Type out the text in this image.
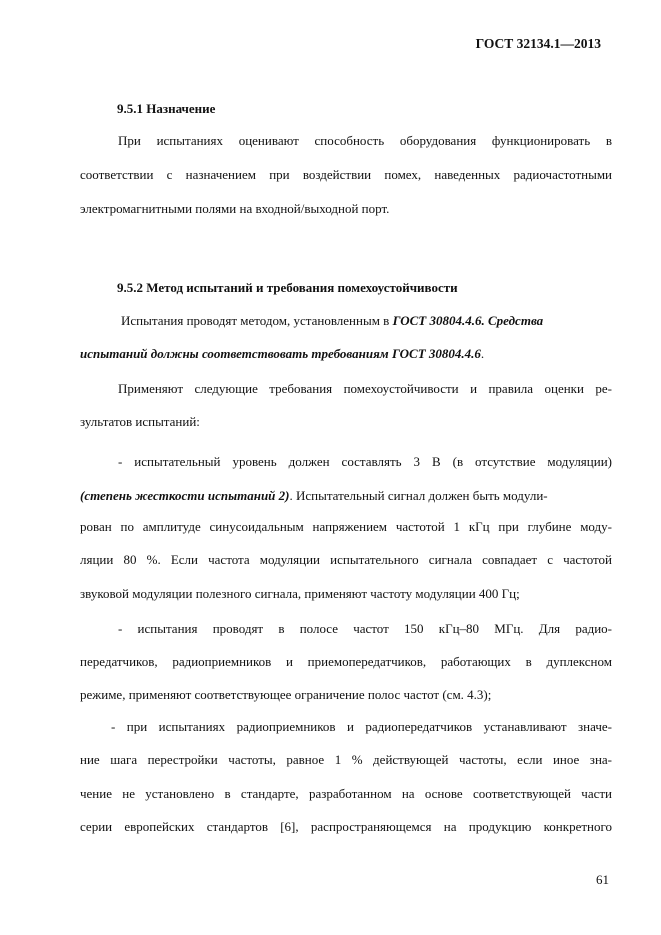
ГОСТ 32134.1—2013
9.5.1 Назначение
При испытаниях оценивают способность оборудования функционировать в
соответствии с назначением при воздействии помех, наведенных радиочастотными
электромагнитными полями на входной/выходной порт.
9.5.2 Метод испытаний и требования помехоустойчивости
Испытания проводят методом, установленным в ГОСТ 30804.4.6. Средства
испытаний должны соответствовать требованиям ГОСТ 30804.4.6.
Применяют следующие требования помехоустойчивости и правила оценки ре-
зультатов испытаний:
- испытательный уровень должен составлять 3 В (в отсутствие модуляции)
(степень жесткости испытаний 2). Испытательный сигнал должен быть модули-
рован по амплитуде синусоидальным напряжением частотой 1 кГц при глубине моду-
ляции 80 %. Если частота модуляции испытательного сигнала совпадает с частотой
звуковой модуляции полезного сигнала, применяют частоту модуляции 400 Гц;
- испытания проводят в полосе частот 150 кГц–80 МГц. Для радио-
передатчиков, радиоприемников и приемопередатчиков, работающих в дуплексном
режиме, применяют соответствующее ограничение полос частот (см. 4.3);
- при испытаниях радиоприемников и радиопередатчиков устанавливают значе-
ние шага перестройки частоты, равное 1 % действующей частоты, если иное зна-
чение не установлено в стандарте, разработанном на основе соответствующей части
серии европейских стандартов [6], распространяющемся на продукцию конкретного
61
